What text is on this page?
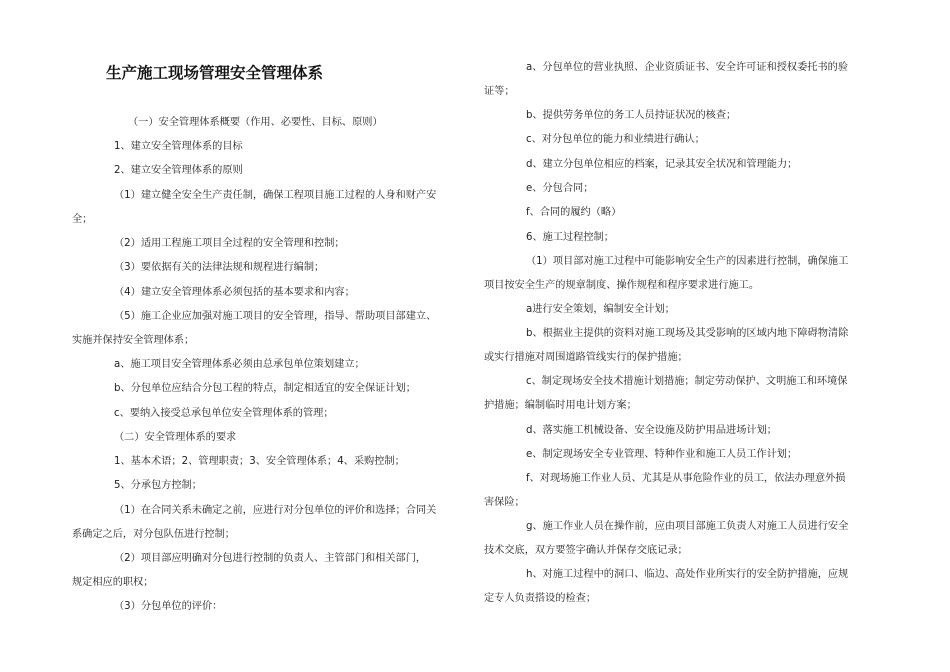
生产施工现场管理安全管理体系
（一）安全管理体系概要（作用、必要性、目标、原则）
1、建立安全管理体系的目标
2、建立安全管理体系的原则
（1）建立健全安全生产责任制，确保工程项目施工过程的人身和财产安
全；
（2）适用工程施工项目全过程的安全管理和控制；
（3）要依据有关的法律法规和规程进行编制；
（4）建立安全管理体系必须包括的基本要求和内容；
（5）施工企业应加强对施工项目的安全管理，指导、帮助项目部建立、
实施并保持安全管理体系；
a、施工项目安全管理体系必须由总承包单位策划建立；
b、分包单位应结合分包工程的特点，制定相适宜的安全保证计划；
c、要纳入接受总承包单位安全管理体系的管理；
（二）安全管理体系的要求
1、基本术语；2、管理职责；3、安全管理体系；4、采购控制；
5、分承包方控制；
（1）在合同关系未确定之前，应进行对分包单位的评价和选择；合同关
系确定之后，对分包队伍进行控制；
（2）项目部应明确对分包进行控制的负责人、主管部门和相关部门，
规定相应的职权；
（3）分包单位的评价：
a、分包单位的营业执照、企业资质证书、安全许可证和授权委托书的验
证等；
b、提供劳务单位的务工人员持证状况的核查；
c、对分包单位的能力和业绩进行确认；
d、建立分包单位相应的档案，记录其安全状况和管理能力；
e、分包合同；
f、合同的履约（略）
6、施工过程控制；
（1）项目部对施工过程中可能影响安全生产的因素进行控制，确保施工
项目按安全生产的规章制度、操作规程和程序要求进行施工。
a进行安全策划，编制安全计划；
b、根据业主提供的资料对施工现场及其受影响的区域内地下障碍物清除
或实行措施对周围道路管线实行的保护措施；
c、制定现场安全技术措施计划措施；制定劳动保护、文明施工和环境保
护措施；编制临时用电计划方案；
d、落实施工机械设备、安全设施及防护用品进场计划；
e、制定现场安全专业管理、特种作业和施工人员工作计划；
f、对现场施工作业人员、尤其是从事危险作业的员工，依法办理意外损
害保险；
g、施工作业人员在操作前，应由项目部施工负责人对施工人员进行安全
技术交底，双方要签字确认并保存交底记录；
h、对施工过程中的洞口、临边、高处作业所实行的安全防护措施，应规
定专人负责搭设的检查；
